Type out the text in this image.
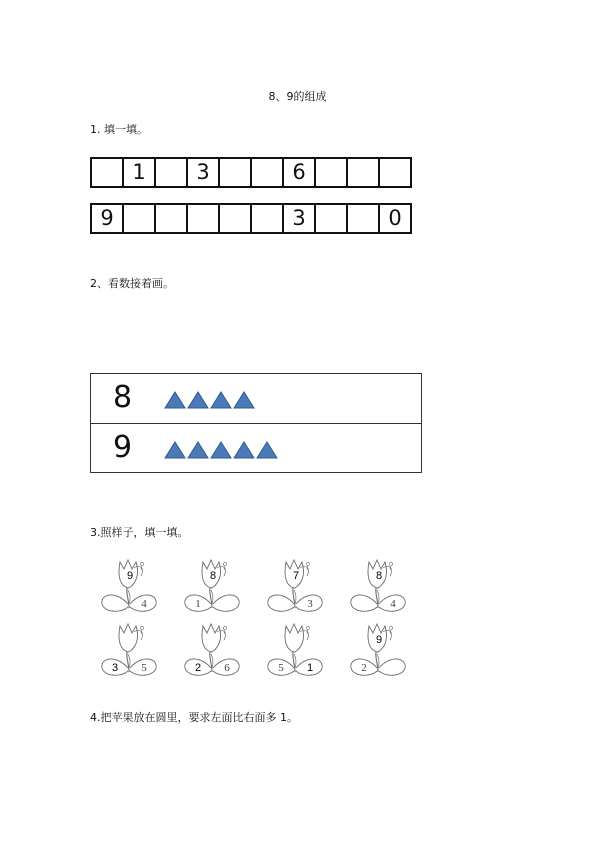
8、9的组成
1. 填一填。
	1		3			6			
9						3			0
2、看数接着画。
8
9
3.照样子，填一填。
9
4
8
1
7
3
8
4
3 5	2 6	5 1
9
2
4.把苹果放在圆里，要求左面比右面多 1。
